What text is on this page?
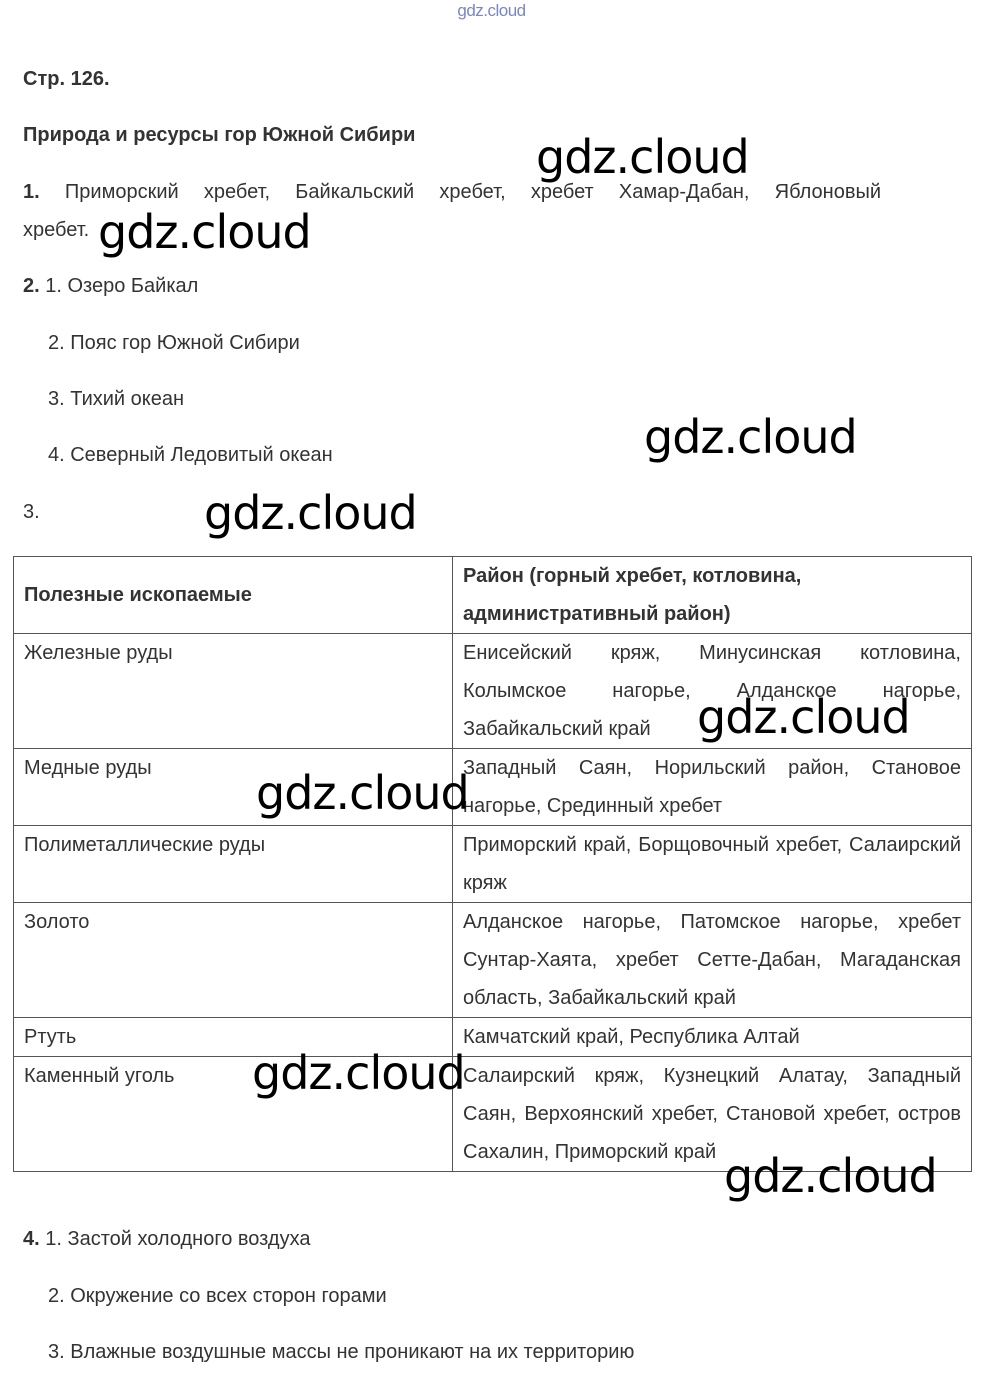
gdz.cloud
Стр. 126.
Природа и ресурсы гор Южной Сибири
1. Приморский хребет, Байкальский хребет, хребет Хамар-Дабан, Яблоновый
хребет.
2. 1. Озеро Байкал
2. Пояс гор Южной Сибири
3. Тихий океан
4. Северный Ледовитый океан
3.
Полезные ископаемые	Район (горный хребет, котловина, административный район)
Железные руды	Енисейский кряж, Минусинская котловина, Колымское нагорье, Алданское нагорье, Забайкальский край
Медные руды	Западный Саян, Норильский район, Становое нагорье, Срединный хребет
Полиметаллические руды	Приморский край, Борщовочный хребет, Салаирский кряж
Золото	Алданское нагорье, Патомское нагорье, хребет Сунтар-Хаята, хребет Сетте-Дабан, Магаданская область, Забайкальский край
Ртуть	Камчатский край, Республика Алтай
Каменный уголь	Салаирский кряж, Кузнецкий Алатау, Западный Саян, Верхоянский хребет, Становой хребет, остров Сахалин, Приморский край
4. 1. Застой холодного воздуха
2. Окружение со всех сторон горами
3. Влажные воздушные массы не проникают на их территорию
gdz.cloud
gdz.cloud
gdz.cloud
gdz.cloud
gdz.cloud
gdz.cloud
gdz.cloud
gdz.cloud
